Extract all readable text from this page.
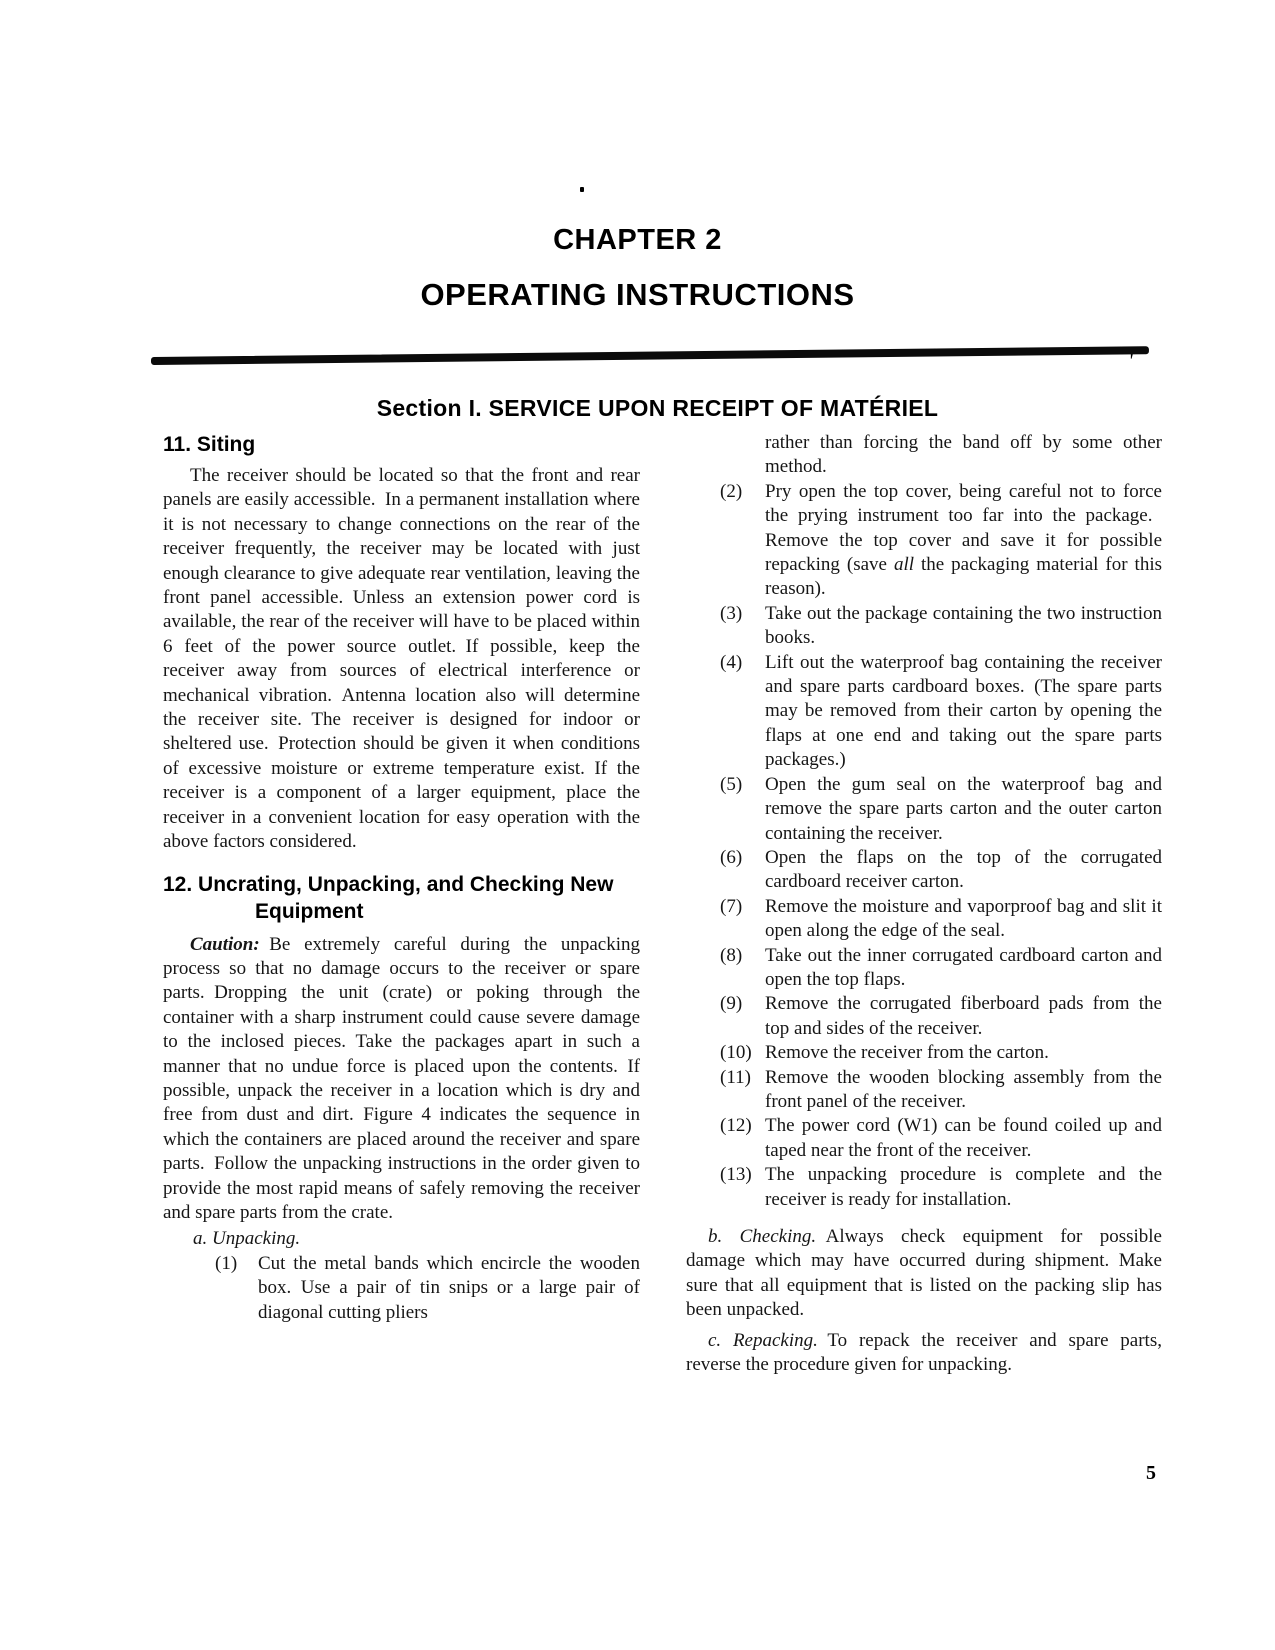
'
CHAPTER 2
OPERATING INSTRUCTIONS
Section I. SERVICE UPON RECEIPT OF MATÉRIEL
11. Siting

The receiver should be located so that the front and rear panels are easily accessible. In a permanent installation where it is not necessary to change connections on the rear of the receiver frequently, the receiver may be located with just enough clearance to give adequate rear ventilation, leaving the front panel accessible. Unless an extension power cord is available, the rear of the receiver will have to be placed within 6 feet of the power source outlet. If possible, keep the receiver away from sources of electrical interference or mechanical vibration. Antenna location also will determine the receiver site. The receiver is designed for indoor or sheltered use. Protection should be given it when conditions of excessive moisture or extreme temperature exist. If the receiver is a component of a larger equipment, place the receiver in a convenient location for easy operation with the above factors considered.

12. Uncrating, Unpacking, and Checking New Equipment

Caution: Be extremely careful during the unpacking process so that no damage occurs to the receiver or spare parts. Dropping the unit (crate) or poking through the container with a sharp instrument could cause severe damage to the inclosed pieces. Take the packages apart in such a manner that no undue force is placed upon the contents. If possible, unpack the receiver in a location which is dry and free from dust and dirt. Figure 4 indicates the sequence in which the containers are placed around the receiver and spare parts. Follow the unpacking instructions in the order given to provide the most rapid means of safely removing the receiver and spare parts from the crate.

a. Unpacking.

(1)	Cut the metal bands which encircle the wooden box. Use a pair of tin snips or a large pair of diagonal cutting pliers

rather than forcing the band off by some other method.

(2)	Pry open the top cover, being careful not to force the prying instrument too far into the package. Remove the top cover and save it for possible repacking (save all the packaging material for this reason).
(3)	Take out the package containing the two instruction books.
(4)	Lift out the waterproof bag containing the receiver and spare parts cardboard boxes. (The spare parts may be removed from their carton by opening the flaps at one end and taking out the spare parts packages.)
(5)	Open the gum seal on the waterproof bag and remove the spare parts carton and the outer carton containing the receiver.
(6)	Open the flaps on the top of the corrugated cardboard receiver carton.
(7)	Remove the moisture and vaporproof bag and slit it open along the edge of the seal.
(8)	Take out the inner corrugated cardboard carton and open the top flaps.
(9)	Remove the corrugated fiberboard pads from the top and sides of the receiver.
(10) Remove the receiver from the carton.
(11) Remove the wooden blocking assembly from the front panel of the receiver.
(12) The power cord (W1) can be found coiled up and taped near the front of the receiver.
(13) The unpacking procedure is complete and the receiver is ready for installation.

b. Checking. Always check equipment for possible damage which may have occurred during shipment. Make sure that all equipment that is listed on the packing slip has been unpacked.

c. Repacking. To repack the receiver and spare parts, reverse the procedure given for unpacking.

5
